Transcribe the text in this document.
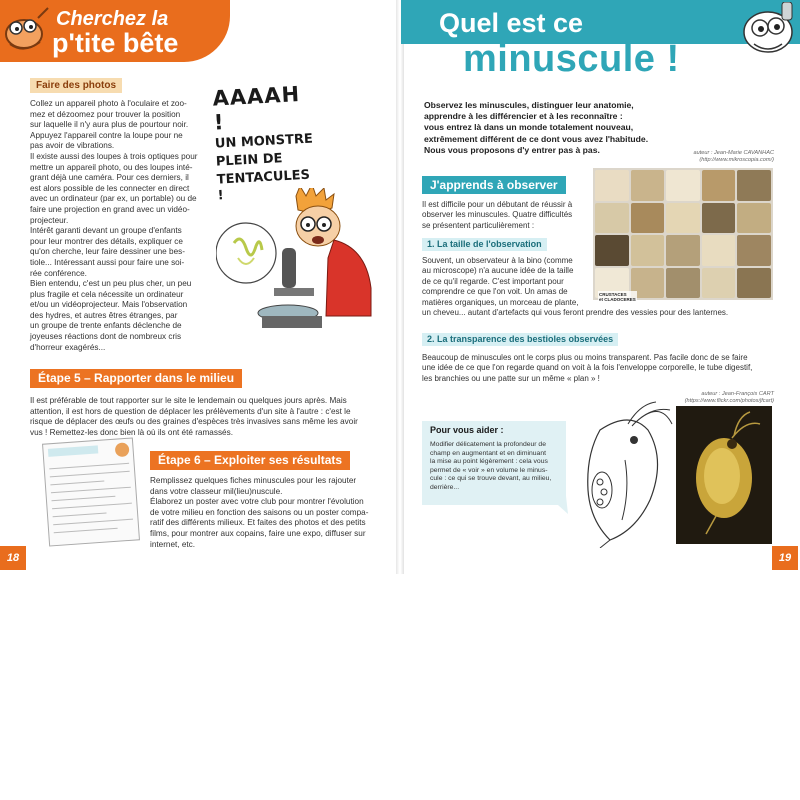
Cherchez la
p'tite bête
Faire des photos

Collez un appareil photo à l'oculaire et zoo-

mez et dézoomez pour trouver la position

sur laquelle il n'y aura plus de pourtour noir.

Appuyez l'appareil contre la loupe pour ne

pas avoir de vibrations.

Il existe aussi des loupes à trois optiques pour

mettre un appareil photo, ou des loupes inté-

grant déjà une caméra. Pour ces derniers, il

est alors possible de les connecter en direct

avec un ordinateur (par ex, un portable) ou de

faire une projection en grand avec un vidéo-

projecteur.

Intérêt garanti devant un groupe d'enfants

pour leur montrer des détails, expliquer ce

qu'on cherche, leur faire dessiner une bes-

tiole... Intéressant aussi pour faire une soi-

rée conférence.

Bien entendu, c'est un peu plus cher, un peu

plus fragile et cela nécessite un ordinateur

et/ou un vidéoprojecteur. Mais l'observation

des hydres, et autres êtres étranges, par

un groupe de trente enfants déclenche de

joyeuses réactions dont de nombreux cris

d'horreur exagérés...

AAAAH !
UN MONSTRE
PLEIN DE
TENTACULES !
Étape 5 – Rapporter dans le milieu

Il est préférable de tout rapporter sur le site le lendemain ou quelques jours après. Mais

attention, il est hors de question de déplacer les prélèvements d'un site à l'autre : c'est le

risque de déplacer des œufs ou des graines d'espèces très invasives sans même les avoir

vus ! Remettez-les donc bien là où ils ont été ramassés.

Étape 6 – Exploiter ses résultats

Remplissez quelques fiches minuscules pour les rajouter

dans votre classeur mil(lieu)nuscule.

Élaborez un poster avec votre club pour montrer l'évolution

de votre milieu en fonction des saisons ou un poster compa-

ratif des différents milieux. Et faites des photos et des petits

films, pour montrer aux copains, faire une expo, diffuser sur

internet, etc.

18
Quel est ce
minuscule !
Observez les minuscules, distinguer leur anatomie,
apprendre à les différencier et à les reconnaître :
vous entrez là dans un monde totalement nouveau,
extrêmement différent de ce dont vous avez l'habitude.
Nous vous proposons d'y entrer pas à pas.	auteur : Jean-Marie CAVANHAC
(http://www.mikroscopia.com/)
J'apprends à observer
Il est difficile pour un débutant de réussir à
observer les minuscules. Quatre difficultés
se présentent particulièrement :
1. La taille de l'observation
Souvent, un observateur à la bino (comme
au microscope) n'a aucune idée de la taille
de ce qu'il regarde. C'est important pour
comprendre ce que l'on voit. Un amas de
matières organiques, un morceau de plante,
un cheveu... autant d'artefacts qui vous feront prendre des vessies pour des lanternes.
CRUSTACES
et CLADOCERES
2. La transparence des bestioles observées
Beaucoup de minuscules ont le corps plus ou moins transparent. Pas facile donc de se faire
une idée de ce que l'on regarde quand on voit à la fois l'enveloppe corporelle, le tube digestif,
les branchies ou une patte sur un même « plan » !
auteur : Jean-François CART
(https://www.flickr.com/photos/jfcart)
Pour vous aider :
Modifier délicatement la profondeur de
champ en augmentant et en diminuant
la mise au point légèrement : cela vous
permet de « voir » en volume le minus-
cule : ce qui se trouve devant, au milieu,
derrière...
19
